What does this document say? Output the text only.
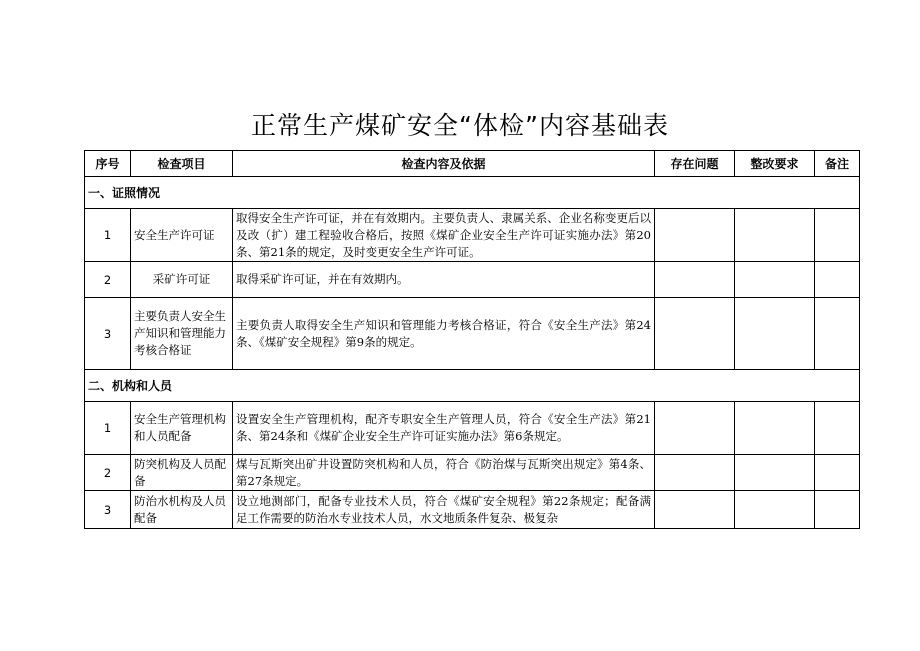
正常生产煤矿安全“体检”内容基础表
序号	检查项目	检查内容及依据	存在问题	整改要求	备注
一、证照情况					
1	安全生产许可证	取得安全生产许可证，并在有效期内。主要负责人、隶属关系、企业名称变更后以及改（扩）建工程验收合格后，按照《煤矿企业安全生产许可证实施办法》第20条、第21条的规定，及时变更安全生产许可证。			
2	采矿许可证	取得采矿许可证，并在有效期内。			
3	主要负责人安全生产知识和管理能力考核合格证	主要负责人取得安全生产知识和管理能力考核合格证，符合《安全生产法》第24条、《煤矿安全规程》第9条的规定。			
二、机构和人员					
1	安全生产管理机构和人员配备	设置安全生产管理机构，配齐专职安全生产管理人员，符合《安全生产法》第21条、第24条和《煤矿企业安全生产许可证实施办法》第6条规定。			
2	防突机构及人员配备	煤与瓦斯突出矿井设置防突机构和人员，符合《防治煤与瓦斯突出规定》第4条、第27条规定。			
3	防治水机构及人员配备	设立地测部门，配备专业技术人员，符合《煤矿安全规程》第22条规定；配备满足工作需要的防治水专业技术人员，水文地质条件复杂、极复杂			
